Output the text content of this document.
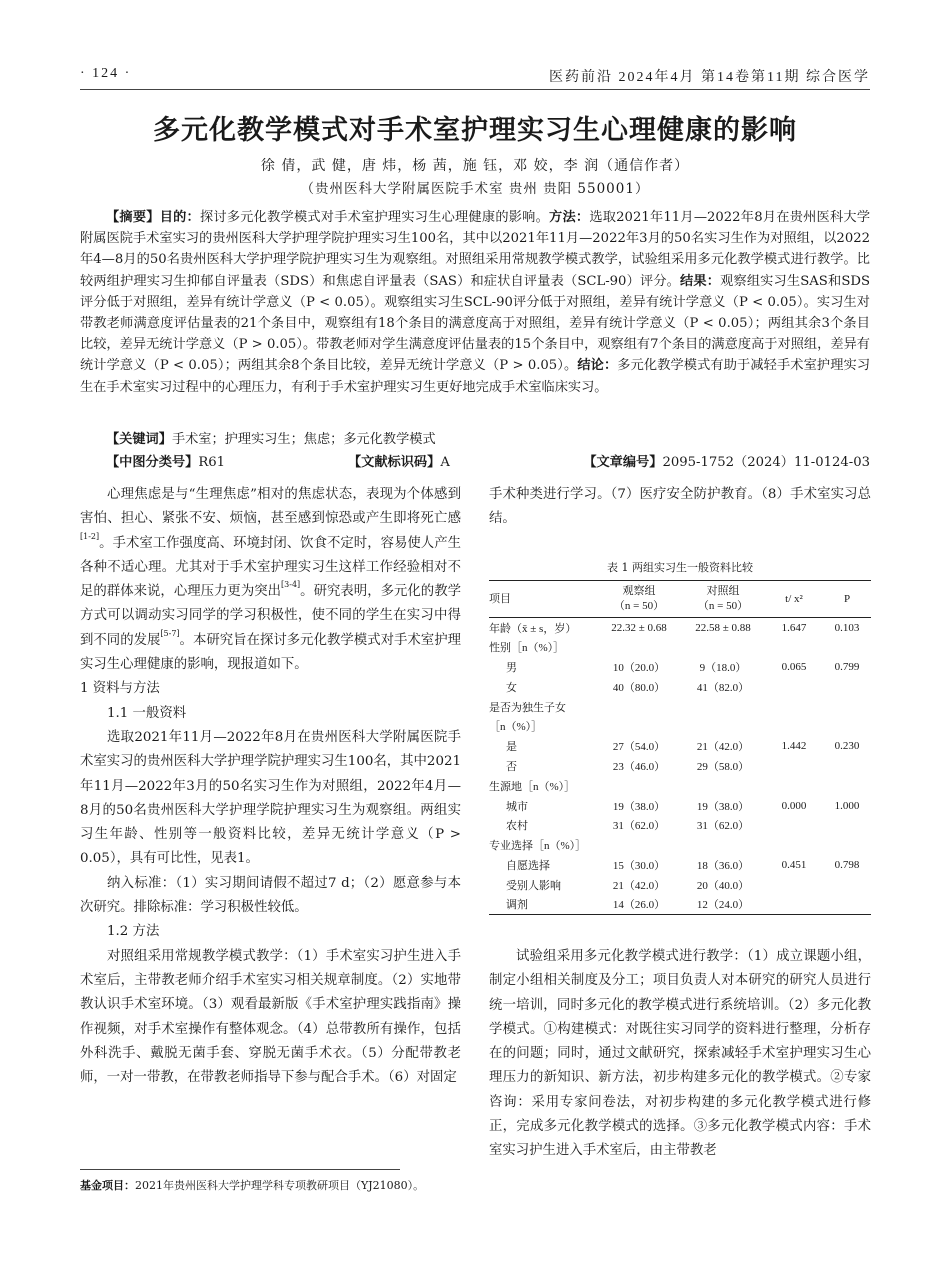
· 124 ·	医药前沿 2024年4月 第14卷第11期 综合医学
多元化教学模式对手术室护理实习生心理健康的影响
徐 倩，武 健，唐 炜，杨 茜，施 钰，邓 姣，李 润（通信作者）
（贵州医科大学附属医院手术室 贵州 贵阳 550001）
【摘要】目的：探讨多元化教学模式对手术室护理实习生心理健康的影响。方法：选取2021年11月—2022年8月在贵州医科大学附属医院手术室实习的贵州医科大学护理学院护理实习生100名，其中以2021年11月—2022年3月的50名实习生作为对照组，以2022年4—8月的50名贵州医科大学护理学院护理实习生为观察组。对照组采用常规教学模式教学，试验组采用多元化教学模式进行教学。比较两组护理实习生抑郁自评量表（SDS）和焦虑自评量表（SAS）和症状自评量表（SCL-90）评分。结果：观察组实习生SAS和SDS评分低于对照组，差异有统计学意义（P < 0.05）。观察组实习生SCL-90评分低于对照组，差异有统计学意义（P < 0.05）。实习生对带教老师满意度评估量表的21个条目中，观察组有18个条目的满意度高于对照组，差异有统计学意义（P < 0.05）；两组其余3个条目比较，差异无统计学意义（P > 0.05）。带教老师对学生满意度评估量表的15个条目中，观察组有7个条目的满意度高于对照组，差异有统计学意义（P < 0.05）；两组其余8个条目比较，差异无统计学意义（P > 0.05）。结论：多元化教学模式有助于减轻手术室护理实习生在手术室实习过程中的心理压力，有利于手术室护理实习生更好地完成手术室临床实习。
【关键词】手术室；护理实习生；焦虑；多元化教学模式
【中图分类号】R61	【文献标识码】A	【文章编号】2095-1752（2024）11-0124-03

心理焦虑是与“生理焦虑”相对的焦虑状态，表现为个体感到害怕、担心、紧张不安、烦恼，甚至感到惊恐或产生即将死亡感[1-2]。手术室工作强度高、环境封闭、饮食不定时，容易使人产生各种不适心理。尤其对于手术室护理实习生这样工作经验相对不足的群体来说，心理压力更为突出[3-4]。研究表明，多元化的教学方式可以调动实习同学的学习积极性，使不同的学生在实习中得到不同的发展[5-7]。本研究旨在探讨多元化教学模式对手术室护理实习生心理健康的影响，现报道如下。

1 资料与方法

1.1 一般资料

选取2021年11月—2022年8月在贵州医科大学附属医院手术室实习的贵州医科大学护理学院护理实习生100名，其中2021年11月—2022年3月的50名实习生作为对照组，2022年4月—8月的50名贵州医科大学护理学院护理实习生为观察组。两组实习生年龄、性别等一般资料比较，差异无统计学意义（P > 0.05），具有可比性，见表1。

纳入标准：（1）实习期间请假不超过7 d；（2）愿意参与本次研究。排除标准：学习积极性较低。

1.2 方法

对照组采用常规教学模式教学：（1）手术室实习护生进入手术室后，主带教老师介绍手术室实习相关规章制度。（2）实地带教认识手术室环境。（3）观看最新版《手术室护理实践指南》操作视频，对手术室操作有整体观念。（4）总带教所有操作，包括外科洗手、戴脱无菌手套、穿脱无菌手术衣。（5）分配带教老师，一对一带教，在带教老师指导下参与配合手术。（6）对固定

手术种类进行学习。（7）医疗安全防护教育。（8）手术室实习总结。

表 1 两组实习生一般资料比较
项目	观察组
（n = 50）	对照组
（n = 50）	t/ x²	P
年龄（x̄ ± s，岁）	22.32 ± 0.68	22.58 ± 0.88	1.647	0.103
性别［n（%）］				
男	10（20.0）	9（18.0）	0.065	0.799
女	40（80.0）	41（82.0）		
是否为独生子女				
［n（%）］				
是	27（54.0）	21（42.0）	1.442	0.230
否	23（46.0）	29（58.0）		
生源地［n（%）］				
城市	19（38.0）	19（38.0）	0.000	1.000
农村	31（62.0）	31（62.0）		
专业选择［n（%）］				
自愿选择	15（30.0）	18（36.0）	0.451	0.798
受别人影响	21（42.0）	20（40.0）		
调剂	14（26.0）	12（24.0）		

试验组采用多元化教学模式进行教学：（1）成立课题小组，制定小组相关制度及分工；项目负责人对本研究的研究人员进行统一培训，同时多元化的教学模式进行系统培训。（2）多元化教学模式。①构建模式：对既往实习同学的资料进行整理，分析存在的问题；同时，通过文献研究，探索减轻手术室护理实习生心理压力的新知识、新方法，初步构建多元化的教学模式。②专家咨询：采用专家问卷法，对初步构建的多元化教学模式进行修正，完成多元化教学模式的选择。③多元化教学模式内容：手术室实习护生进入手术室后，由主带教老

基金项目：2021年贵州医科大学护理学科专项教研项目（YJ21080）。
